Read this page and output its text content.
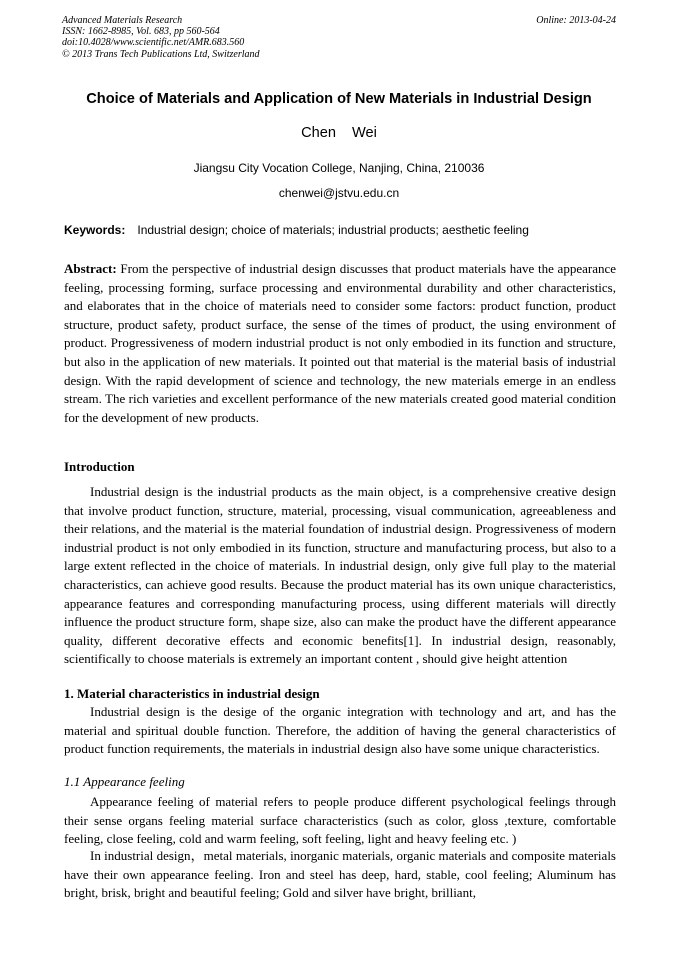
Advanced Materials Research
ISSN: 1662-8985, Vol. 683, pp 560-564
doi:10.4028/www.scientific.net/AMR.683.560
© 2013 Trans Tech Publications Ltd, Switzerland
Online: 2013-04-24
Choice of Materials and Application of New Materials in Industrial Design
Chen Wei
Jiangsu City Vocation College, Nanjing, China, 210036
chenwei@jstvu.edu.cn
Keywords: Industrial design; choice of materials; industrial products; aesthetic feeling
Abstract: From the perspective of industrial design discusses that product materials have the appearance feeling, processing forming, surface processing and environmental durability and other characteristics, and elaborates that in the choice of materials need to consider some factors: product function, product structure, product safety, product surface, the sense of the times of product, the using environment of product. Progressiveness of modern industrial product is not only embodied in its function and structure, but also in the application of new materials. It pointed out that material is the material basis of industrial design. With the rapid development of science and technology, the new materials emerge in an endless stream. The rich varieties and excellent performance of the new materials created good material condition for the development of new products.
Introduction

Industrial design is the industrial products as the main object, is a comprehensive creative design that involve product function, structure, material, processing, visual communication, agreeableness and their relations, and the material is the material foundation of industrial design. Progressiveness of modern industrial product is not only embodied in its function, structure and manufacturing process, but also to a large extent reflected in the choice of materials. In industrial design, only give full play to the material characteristics, can achieve good results. Because the product material has its own unique characteristics, appearance features and corresponding manufacturing process, using different materials will directly influence the product structure form, shape size, also can make the product have the different appearance quality, different decorative effects and economic benefits[1]. In industrial design, reasonably, scientifically to choose materials is extremely an important content , should give height attention

1. Material characteristics in industrial design

Industrial design is the desige of the organic integration with technology and art, and has the material and spiritual double function. Therefore, the addition of having the general characteristics of product function requirements, the materials in industrial design also have some unique characteristics.

1.1 Appearance feeling

Appearance feeling of material refers to people produce different psychological feelings through their sense organs feeling material surface characteristics (such as color, gloss ,texture, comfortable feeling, close feeling, cold and warm feeling, soft feeling, light and heavy feeling etc. )

In industrial design，metal materials, inorganic materials, organic materials and composite materials have their own appearance feeling. Iron and steel has deep, hard, stable, cool feeling; Aluminum has bright, brisk, bright and beautiful feeling; Gold and silver have bright, brilliant,
